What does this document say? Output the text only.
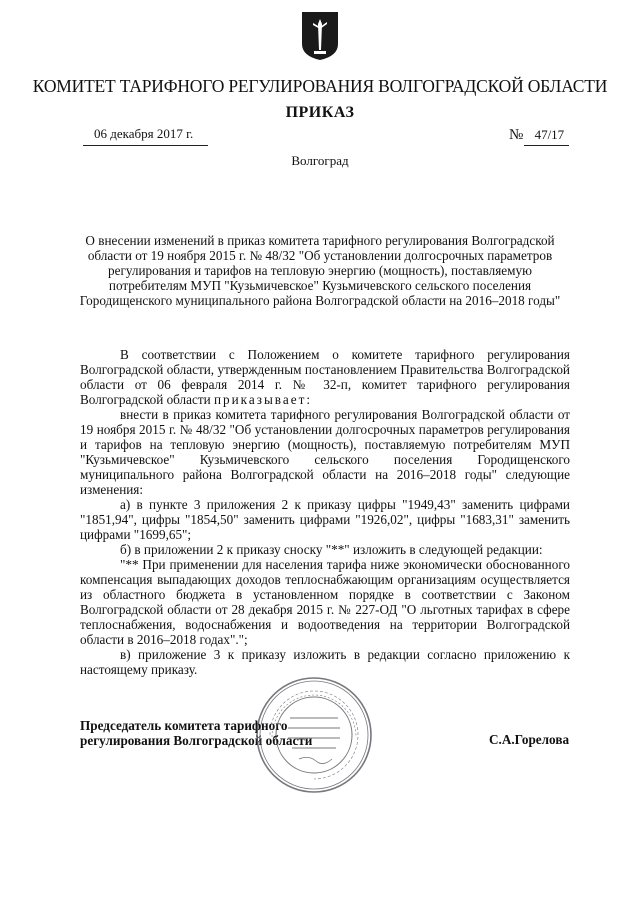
КОМИТЕТ ТАРИФНОГО РЕГУЛИРОВАНИЯ ВОЛГОГРАДСКОЙ ОБЛАСТИ
ПРИКАЗ
06 декабря 2017 г.	№ 47/17
Волгоград
О внесении изменений в приказ комитета тарифного регулирования Волгоградской области от 19 ноября 2015 г. № 48/32 "Об установлении долгосрочных параметров регулирования и тарифов на тепловую энергию (мощность), поставляемую потребителям МУП "Кузьмичевское" Кузьмичевского сельского поселения Городищенского муниципального района Волгоградской области на 2016–2018 годы"

В соответствии с Положением о комитете тарифного регулирования Волгоградской области, утвержденным постановлением Правительства Волгоградской области от 06 февраля 2014 г. № 32-п, комитет тарифного регулирования Волгоградской области приказывает:

внести в приказ комитета тарифного регулирования Волгоградской области от 19 ноября 2015 г. № 48/32 "Об установлении долгосрочных параметров регулирования и тарифов на тепловую энергию (мощность), поставляемую потребителям МУП "Кузьмичевское" Кузьмичевского сельского поселения Городищенского муниципального района Волгоградской области на 2016–2018 годы" следующие изменения:

а) в пункте 3 приложения 2 к приказу цифры "1949,43" заменить цифрами "1851,94", цифры "1854,50" заменить цифрами "1926,02", цифры "1683,31" заменить цифрами "1699,65";

б) в приложении 2 к приказу сноску "**" изложить в следующей редакции:

"** При применении для населения тарифа ниже экономически обоснованного компенсация выпадающих доходов теплоснабжающим организациям осуществляется из областного бюджета в установленном порядке в соответствии с Законом Волгоградской области от 28 декабря 2015 г. № 227-ОД "О льготных тарифах в сфере теплоснабжения, водоснабжения и водоотведения на территории Волгоградской области в 2016–2018 годах".";

в) приложение 3 к приказу изложить в редакции согласно приложению к настоящему приказу.

Председатель комитета тарифного
регулирования Волгоградской области	С.А.Горелова
